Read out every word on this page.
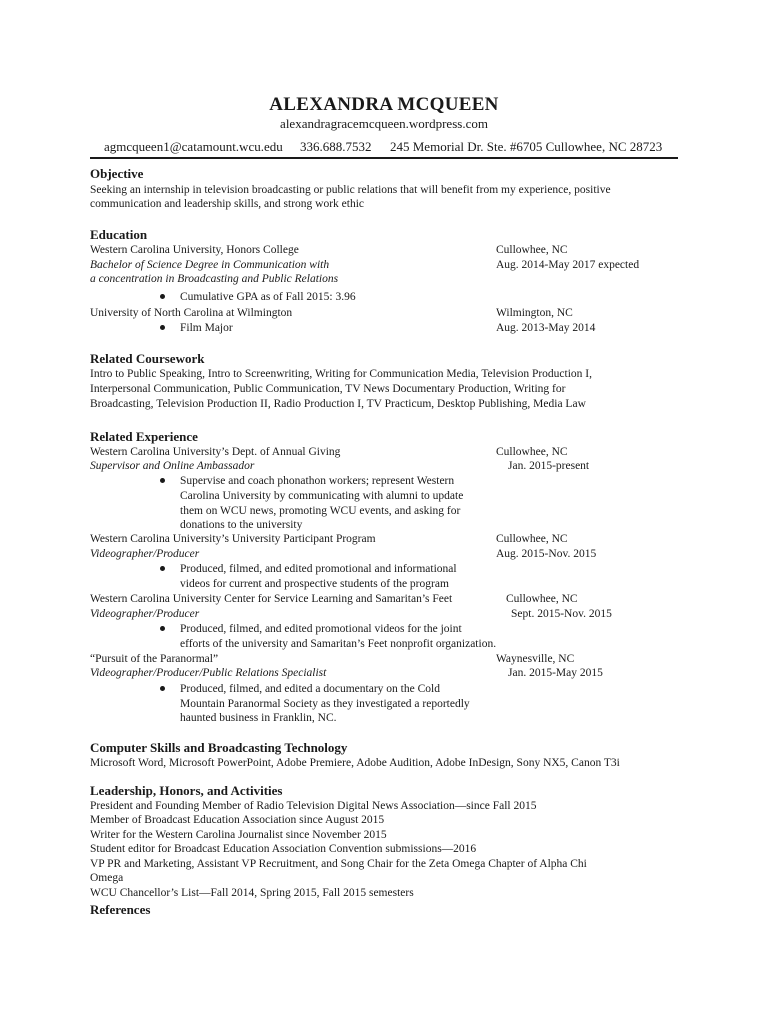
ALEXANDRA MCQUEEN
alexandragracemcqueen.wordpress.com
agmcqueen1@catamount.wcu.edu 336.688.7532 245 Memorial Dr. Ste. #6705 Cullowhee, NC 28723
Objective
Seeking an internship in television broadcasting or public relations that will benefit from my experience, positive
communication and leadership skills, and strong work ethic
Education
Western Carolina University, Honors College	Cullowhee, NC
Bachelor of Science Degree in Communication with	Aug. 2014-May 2017 expected
a concentration in Broadcasting and Public Relations
Cumulative GPA as of Fall 2015: 3.96
University of North Carolina at Wilmington	Wilmington, NC
Film Major	Aug. 2013-May 2014
Related Coursework
Intro to Public Speaking, Intro to Screenwriting, Writing for Communication Media, Television Production I,
Interpersonal Communication, Public Communication, TV News Documentary Production, Writing for
Broadcasting, Television Production II, Radio Production I, TV Practicum, Desktop Publishing, Media Law
Related Experience
Western Carolina University’s Dept. of Annual Giving	Cullowhee, NC
Supervisor and Online Ambassador	Jan. 2015-present
Supervise and coach phonathon workers; represent Western
Carolina University by communicating with alumni to update
them on WCU news, promoting WCU events, and asking for
donations to the university
Western Carolina University’s University Participant Program	Cullowhee, NC
Videographer/Producer	Aug. 2015-Nov. 2015
Produced, filmed, and edited promotional and informational
videos for current and prospective students of the program
Western Carolina University Center for Service Learning and Samaritan’s Feet	Cullowhee, NC
Videographer/Producer	Sept. 2015-Nov. 2015
Produced, filmed, and edited promotional videos for the joint
efforts of the university and Samaritan’s Feet nonprofit organization.
“Pursuit of the Paranormal”	Waynesville, NC
Videographer/Producer/Public Relations Specialist	Jan. 2015-May 2015
Produced, filmed, and edited a documentary on the Cold
Mountain Paranormal Society as they investigated a reportedly
haunted business in Franklin, NC.
Computer Skills and Broadcasting Technology
Microsoft Word, Microsoft PowerPoint, Adobe Premiere, Adobe Audition, Adobe InDesign, Sony NX5, Canon T3i
Leadership, Honors, and Activities
President and Founding Member of Radio Television Digital News Association—since Fall 2015
Member of Broadcast Education Association since August 2015
Writer for the Western Carolina Journalist since November 2015
Student editor for Broadcast Education Association Convention submissions—2016
VP PR and Marketing, Assistant VP Recruitment, and Song Chair for the Zeta Omega Chapter of Alpha Chi
Omega
WCU Chancellor’s List—Fall 2014, Spring 2015, Fall 2015 semesters
References
